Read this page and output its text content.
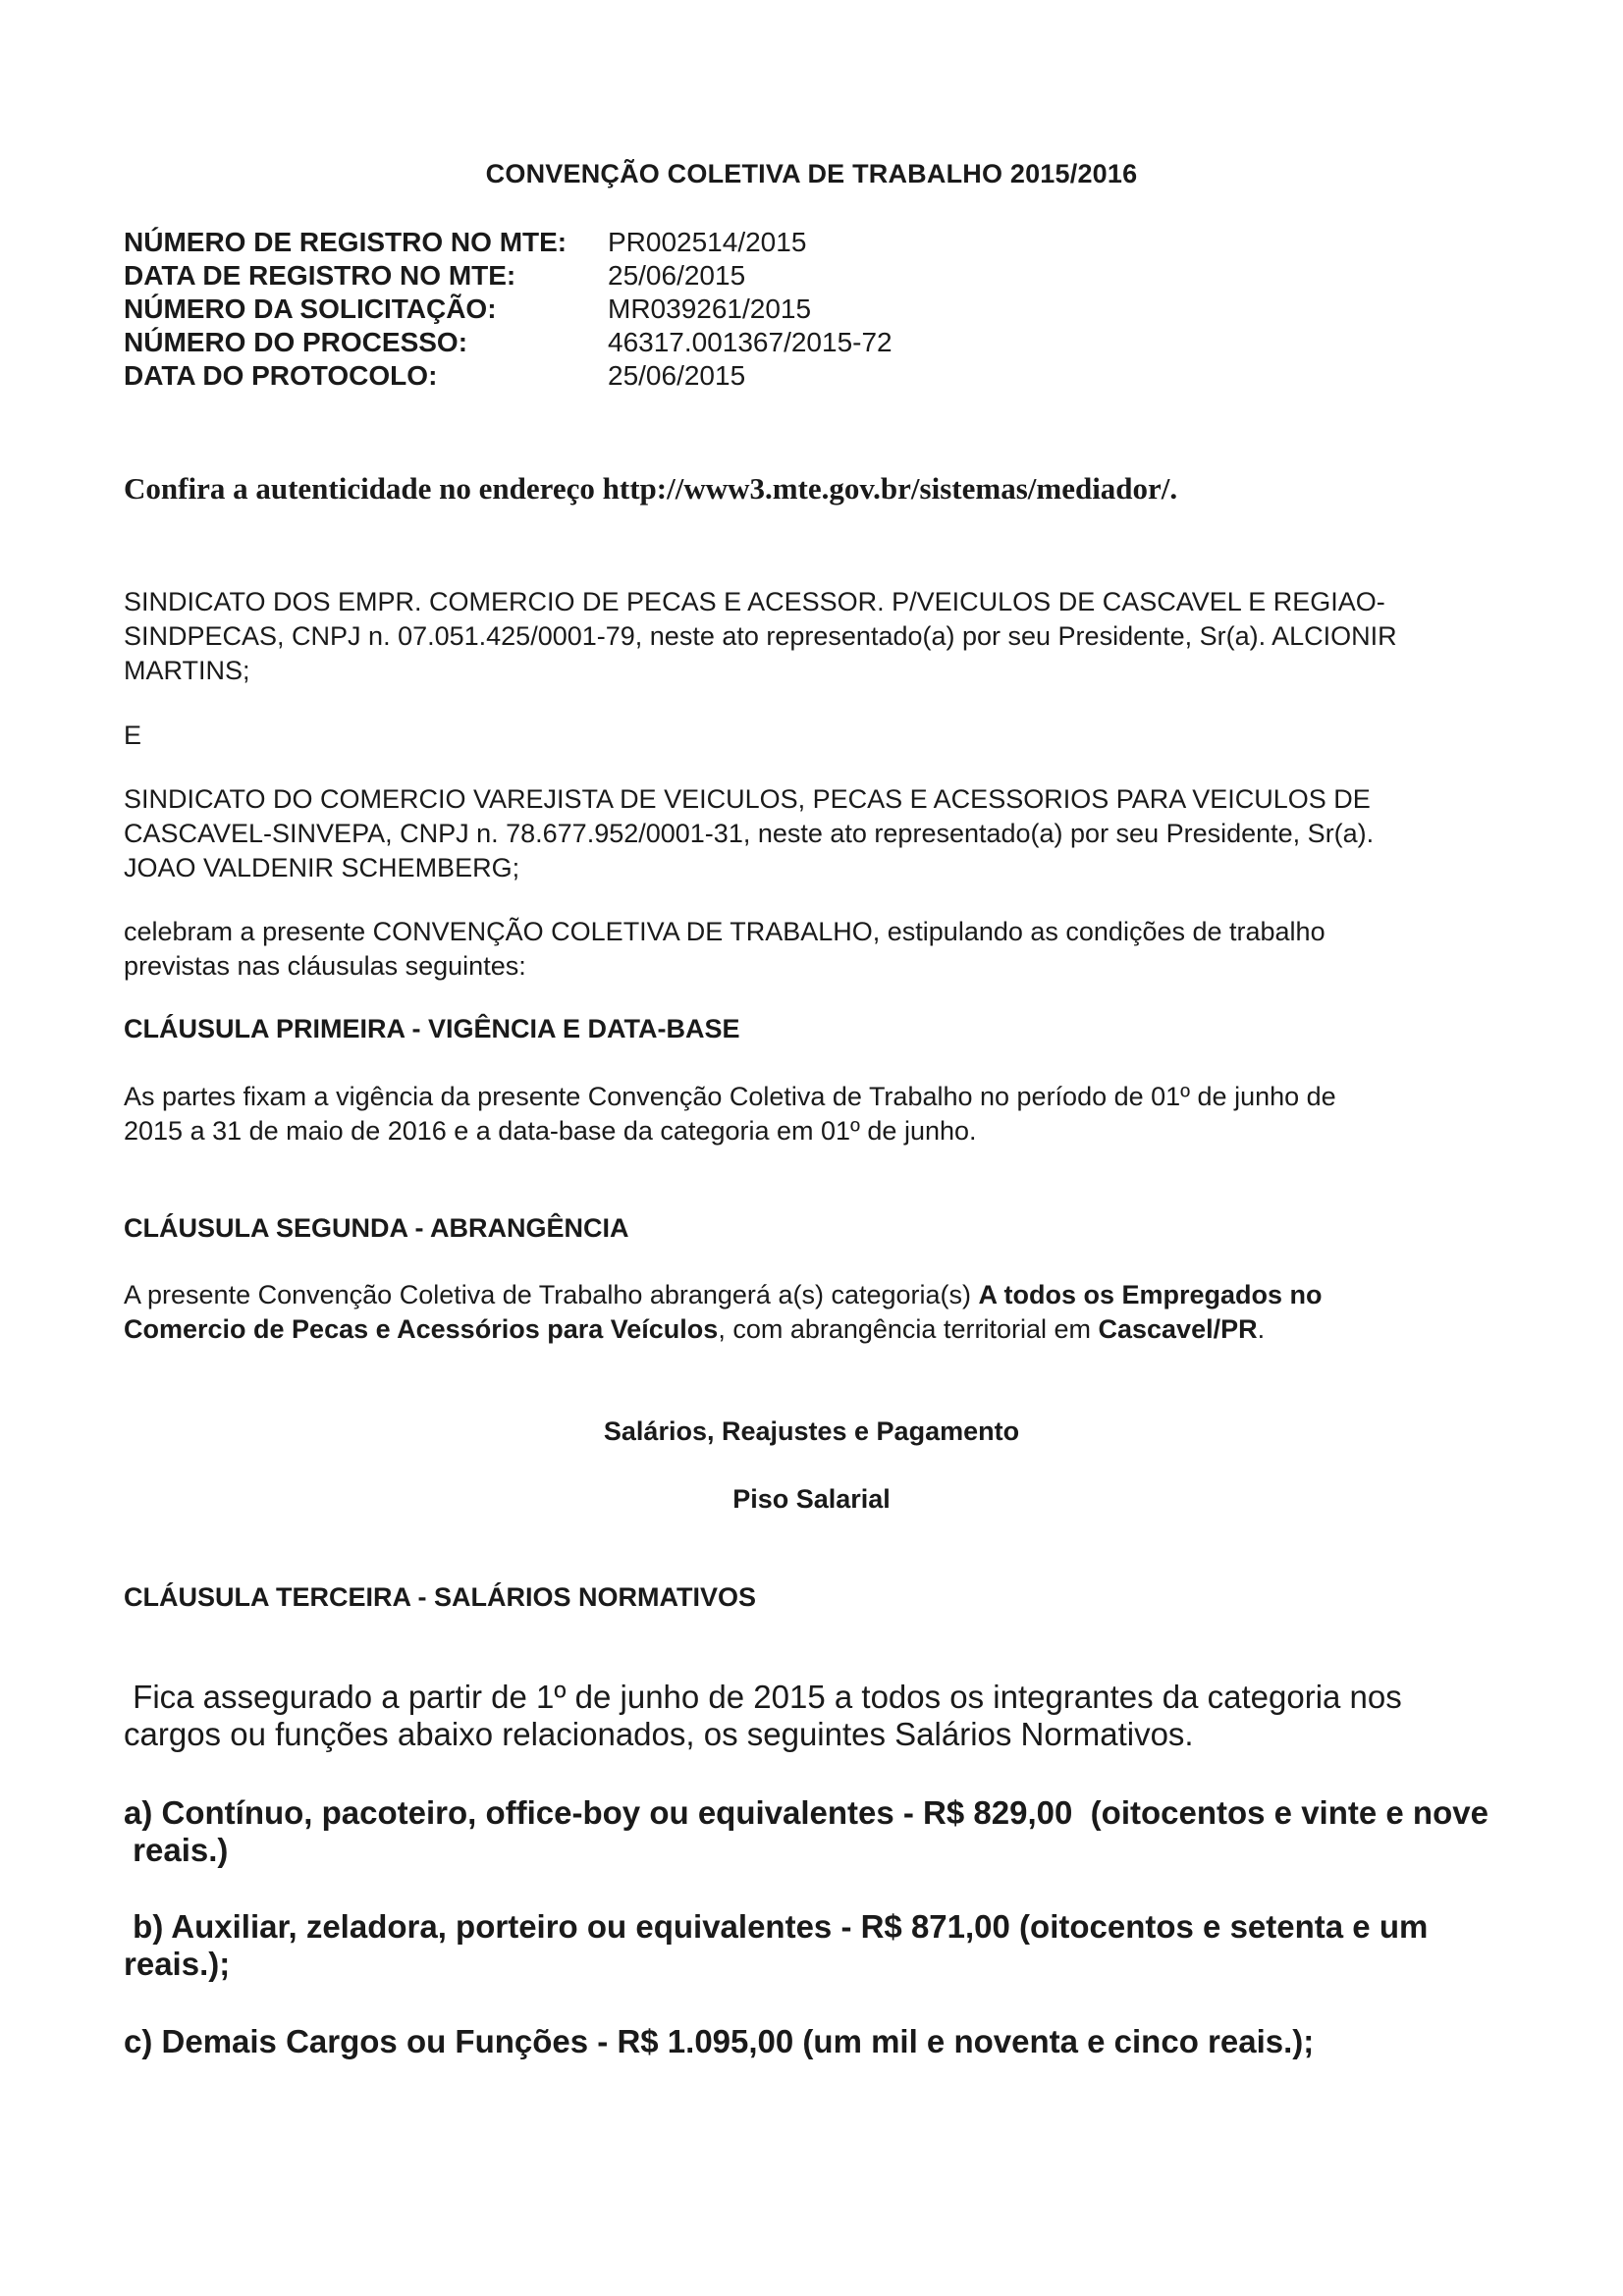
CONVENÇÃO COLETIVA DE TRABALHO 2015/2016
NÚMERO DE REGISTRO NO MTE:	PR002514/2015
DATA DE REGISTRO NO MTE:	25/06/2015
NÚMERO DA SOLICITAÇÃO:	MR039261/2015
NÚMERO DO PROCESSO:	46317.001367/2015-72
DATA DO PROTOCOLO:	25/06/2015
Confira a autenticidade no endereço http://www3.mte.gov.br/sistemas/mediador/.
SINDICATO DOS EMPR. COMERCIO DE PECAS E ACESSOR. P/VEICULOS DE CASCAVEL E REGIAO-
SINDPECAS, CNPJ n. 07.051.425/0001-79, neste ato representado(a) por seu Presidente, Sr(a). ALCIONIR
MARTINS;
E
SINDICATO DO COMERCIO VAREJISTA DE VEICULOS, PECAS E ACESSORIOS PARA VEICULOS DE
CASCAVEL-SINVEPA, CNPJ n. 78.677.952/0001-31, neste ato representado(a) por seu Presidente, Sr(a).
JOAO VALDENIR SCHEMBERG;
celebram a presente CONVENÇÃO COLETIVA DE TRABALHO, estipulando as condições de trabalho
previstas nas cláusulas seguintes:
CLÁUSULA PRIMEIRA - VIGÊNCIA E DATA-BASE
As partes fixam a vigência da presente Convenção Coletiva de Trabalho no período de 01º de junho de
2015 a 31 de maio de 2016 e a data-base da categoria em 01º de junho.
CLÁUSULA SEGUNDA - ABRANGÊNCIA
A presente Convenção Coletiva de Trabalho abrangerá a(s) categoria(s) A todos os Empregados no
Comercio de Pecas e Acessórios para Veículos, com abrangência territorial em Cascavel/PR.
Salários, Reajustes e Pagamento
Piso Salarial
CLÁUSULA TERCEIRA - SALÁRIOS NORMATIVOS
Fica assegurado a partir de 1º de junho de 2015 a todos os integrantes da categoria nos
cargos ou funções abaixo relacionados, os seguintes Salários Normativos.
a) Contínuo, pacoteiro, office-boy ou equivalentes - R$ 829,00  (oitocentos e vinte e nove
reais.)
b) Auxiliar, zeladora, porteiro ou equivalentes - R$ 871,00 (oitocentos e setenta e um
reais.);
c) Demais Cargos ou Funções - R$ 1.095,00 (um mil e noventa e cinco reais.);
